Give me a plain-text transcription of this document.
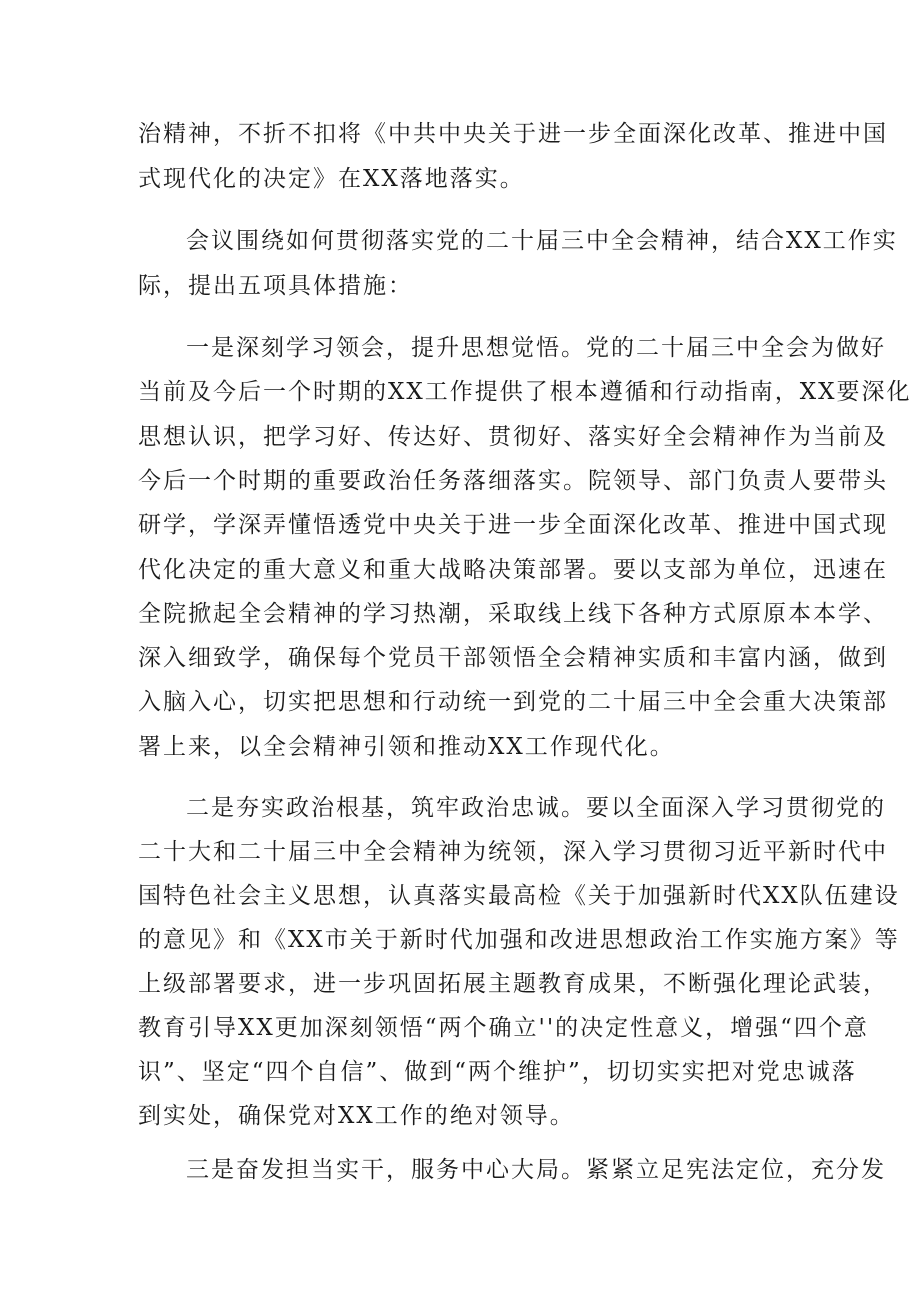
治精神，不折不扣将《中共中央关于进一步全面深化改革、推进中国
式现代化的决定》在XX落地落实。
会议围绕如何贯彻落实党的二十届三中全会精神，结合XX工作实
际，提出五项具体措施：
一是深刻学习领会，提升思想觉悟。党的二十届三中全会为做好
当前及今后一个时期的XX工作提供了根本遵循和行动指南，XX要深化
思想认识，把学习好、传达好、贯彻好、落实好全会精神作为当前及
今后一个时期的重要政治任务落细落实。院领导、部门负责人要带头
研学，学深弄懂悟透党中央关于进一步全面深化改革、推进中国式现
代化决定的重大意义和重大战略决策部署。要以支部为单位，迅速在
全院掀起全会精神的学习热潮，采取线上线下各种方式原原本本学、
深入细致学，确保每个党员干部领悟全会精神实质和丰富内涵，做到
入脑入心，切实把思想和行动统一到党的二十届三中全会重大决策部
署上来，以全会精神引领和推动XX工作现代化。
二是夯实政治根基，筑牢政治忠诚。要以全面深入学习贯彻党的
二十大和二十届三中全会精神为统领，深入学习贯彻习近平新时代中
国特色社会主义思想，认真落实最高检《关于加强新时代XX队伍建设
的意见》和《XX市关于新时代加强和改进思想政治工作实施方案》等
上级部署要求，进一步巩固拓展主题教育成果，不断强化理论武装，
教育引导XX更加深刻领悟“两个确立''的决定性意义，增强“四个意
识”、坚定“四个自信”、做到“两个维护”，切切实实把对党忠诚落
到实处，确保党对XX工作的绝对领导。
三是奋发担当实干，服务中心大局。紧紧立足宪法定位，充分发
